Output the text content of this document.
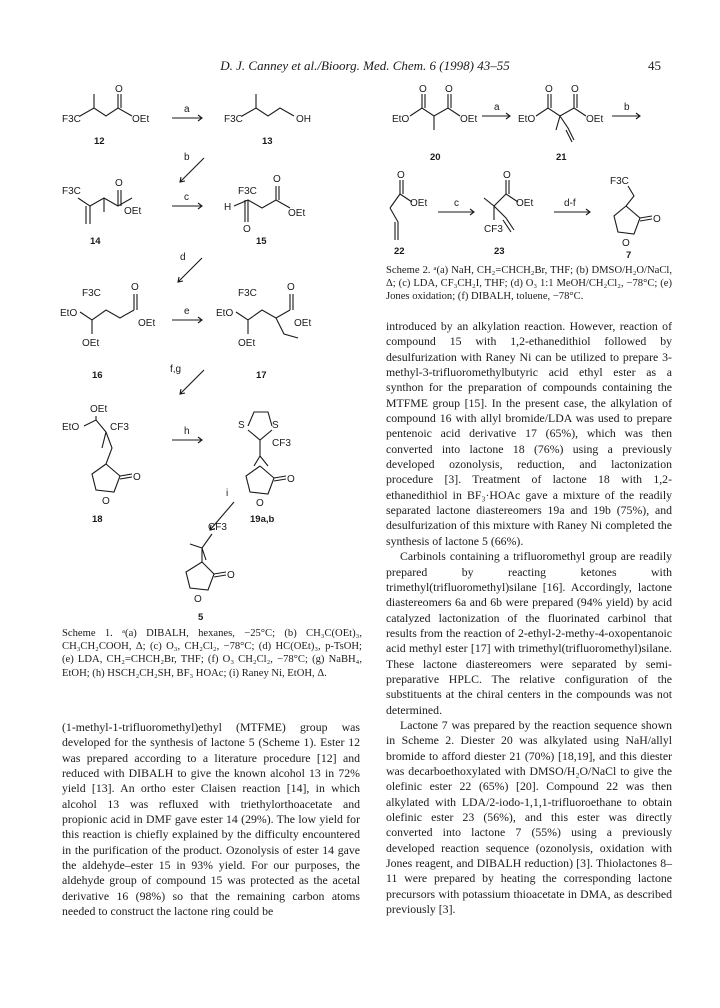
D. J. Canney et al./Bioorg. Med. Chem. 6 (1998) 43–55	45
F3C
O
OEt
12
a
F3C	OH
13
b
F3C
O
OEt
14
c
F3C
H
O
O
OEt
15
d
F3C
EtO
OEt
O
OEt
16
e
F3C
EtO
OEt
O
OEt
17
f,g
OEt
EtO	CF3
O
O
18
h
S
S
CF3
O
O
19a,b
i
CF3
O
O
5
EtO
O O
OEt
20
a
EtO
O O
OEt
21
b
O
OEt
22
c
O
OEt
CF3
23
d-f
F3C
O
O
7

Scheme 1. ᵃ(a) DIBALH, hexanes, −25°C; (b) CH₃C(OEt)₃, CH₃CH₂COOH, Δ; (c) O₃, CH₂Cl₂, −78°C; (d) HC(OEt)₃, p-TsOH; (e) LDA, CH₂=CHCH₂Br, THF; (f) O₃ CH₂Cl₂, −78°C; (g) NaBH₄, EtOH; (h) HSCH₂CH₂SH, BF₃ HOAc; (i) Raney Ni, EtOH, Δ.

Scheme 2. ᵃ(a) NaH, CH₂=CHCH₂Br, THF; (b) DMSO/H₂O/NaCl, Δ; (c) LDA, CF₃CH₂I, THF; (d) O₃ 1:1 MeOH/CH₂Cl₂, −78°C; (e) Jones oxidation; (f) DIBALH, toluene, −78°C.

(1-methyl-1-trifluoromethyl)ethyl (MTFME) group was developed for the synthesis of lactone 5 (Scheme 1). Ester 12 was prepared according to a literature procedure [12] and reduced with DIBALH to give the known alcohol 13 in 72% yield [13]. An ortho ester Claisen reaction [14], in which alcohol 13 was refluxed with triethylorthoacetate and propionic acid in DMF gave ester 14 (29%). The low yield for this reaction is chiefly explained by the difficulty encountered in the purification of the product. Ozonolysis of ester 14 gave the aldehyde–ester 15 in 93% yield. For our purposes, the aldehyde group of compound 15 was protected as the acetal derivative 16 (98%) so that the remaining carbon atoms needed to construct the lactone ring could be

introduced by an alkylation reaction. However, reaction of compound 15 with 1,2-ethanedithiol followed by desulfurization with Raney Ni can be utilized to prepare 3-methyl-3-trifluoromethylbutyric acid ethyl ester as a synthon for the preparation of compounds containing the MTFME group [15]. In the present case, the alkylation of compound 16 with allyl bromide/LDA was used to prepare pentenoic acid derivative 17 (65%), which was then converted into lactone 18 (76%) using a previously developed ozonolysis, reduction, and lactonization procedure [3]. Treatment of lactone 18 with 1,2-ethanedithiol in BF₃·HOAc gave a mixture of the readily separated lactone diastereomers 19a and 19b (75%), and desulfurization of this mixture with Raney Ni completed the synthesis of lactone 5 (66%).

Carbinols containing a trifluoromethyl group are readily prepared by reacting ketones with trimethyl(trifluoromethyl)silane [16]. Accordingly, lactone diastereomers 6a and 6b were prepared (94% yield) by acid catalyzed lactonization of the fluorinated carbinol that results from the reaction of 2-ethyl-2-methy-4-oxopentanoic acid methyl ester [17] with trimethyl(trifluoromethyl)silane. These lactone diastereomers were separated by semi-preparative HPLC. The relative configuration of the substituents at the chiral centers in the compounds was not determined.

Lactone 7 was prepared by the reaction sequence shown in Scheme 2. Diester 20 was alkylated using NaH/allyl bromide to afford diester 21 (70%) [18,19], and this diester was decarboethoxylated with DMSO/H₂O/NaCl to give the olefinic ester 22 (65%) [20]. Compound 22 was then alkylated with LDA/2-iodo-1,1,1-trifluoroethane to obtain olefinic ester 23 (56%), and this ester was directly converted into lactone 7 (55%) using a previously developed reaction sequence (ozonolysis, oxidation with Jones reagent, and DIBALH reduction) [3]. Thiolactones 8–11 were prepared by heating the corresponding lactone precursors with potassium thioacetate in DMA, as described previously [3].
